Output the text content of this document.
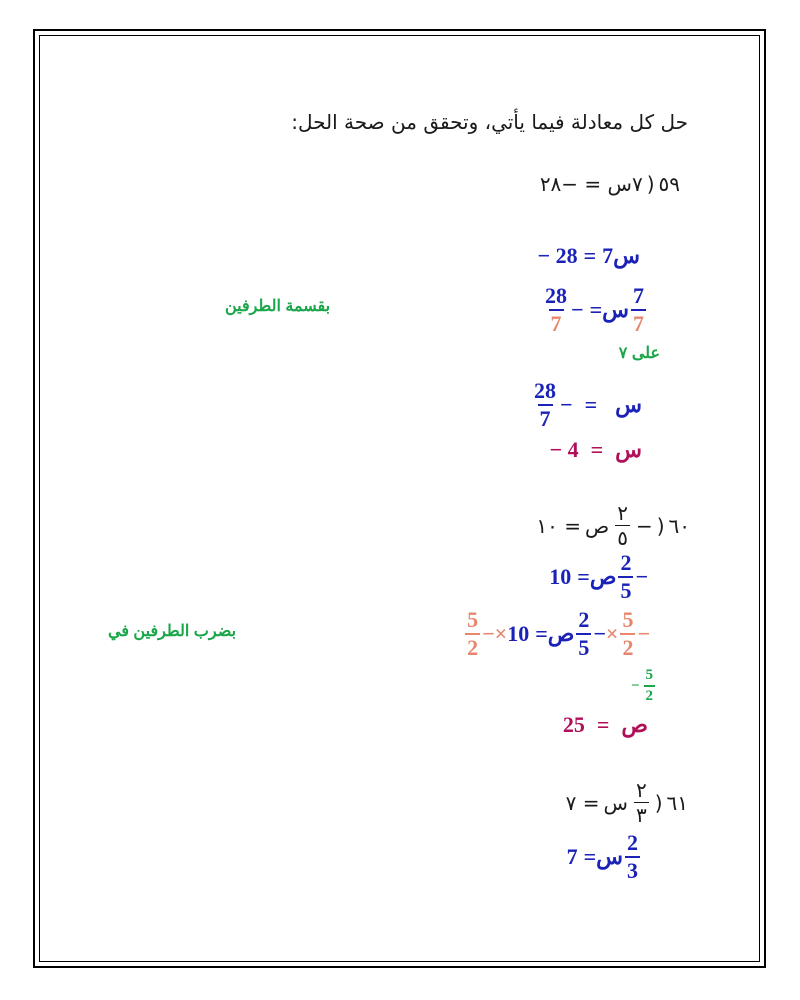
حل كل معادلة فيما يأتي، وتحقق من صحة الحل:
٥٩
(
٧س = −٢٨
− 28 = 7س
$\frac{28}{7}$ − = س $\frac{7}{7}$
بقسمة الطرفين
على ٧
$\frac{28}{7}$ − = س
− 4 = س
٦٠
(
−
$\frac{٢}{٥}$
ص
= ١٠
10 = ص $\frac{2}{5}$ −
$\frac{5}{2}$ − × 10 = ص $\frac{2}{5}$ − × $\frac{5}{2}$ −
بضرب الطرفين في
− $\frac{5}{2}$
25 = ص
٦١
(
$\frac{٢}{٣}$
س
= ٧
7 = س $\frac{2}{3}$
